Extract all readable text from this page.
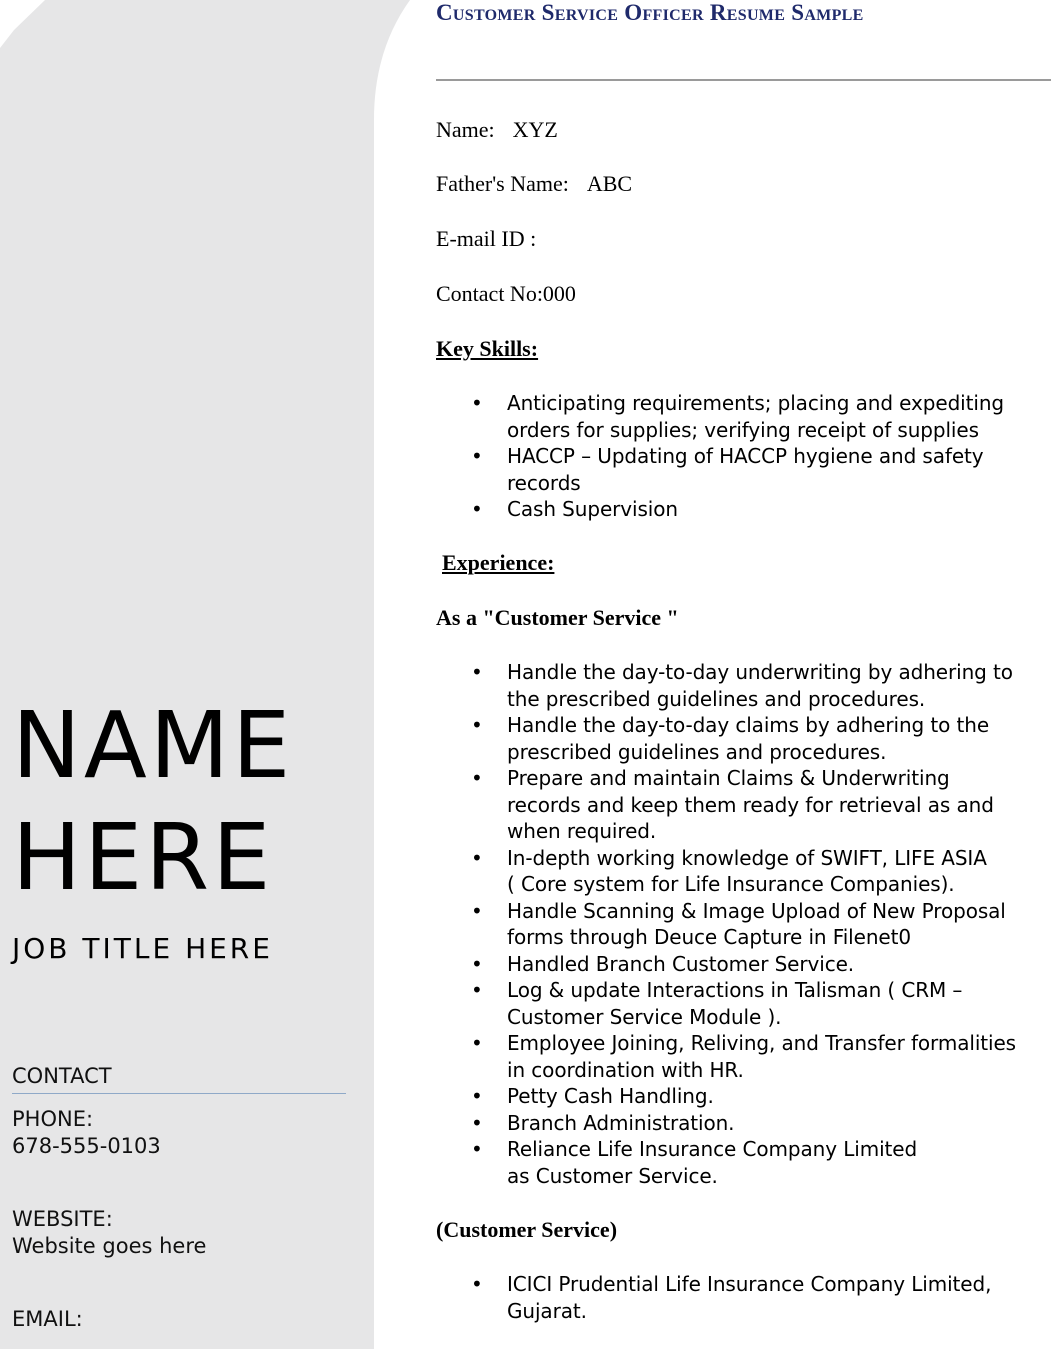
NAME
HERE
JOB TITLE HERE
CONTACT
PHONE:
678-555-0103
WEBSITE:
Website goes here
EMAIL:
Customer Service Officer Resume Sample
Name: XYZ
Father's Name: ABC
E-mail ID :
Contact No:000
Key Skills:
• Anticipating requirements; placing and expediting
orders for supplies; verifying receipt of supplies
• HACCP – Updating of HACCP hygiene and safety
records
• Cash Supervision
Experience:
As a "Customer Service "
• Handle the day-to-day underwriting by adhering to
the prescribed guidelines and procedures.
• Handle the day-to-day claims by adhering to the
prescribed guidelines and procedures.
• Prepare and maintain Claims & Underwriting
records and keep them ready for retrieval as and
when required.
• In-depth working knowledge of SWIFT, LIFE ASIA
( Core system for Life Insurance Companies).
• Handle Scanning & Image Upload of New Proposal
forms through Deuce Capture in Filenet0
• Handled Branch Customer Service.
• Log & update Interactions in Talisman ( CRM –
Customer Service Module ).
• Employee Joining, Reliving, and Transfer formalities
in coordination with HR.
• Petty Cash Handling.
• Branch Administration.
• Reliance Life Insurance Company Limited
as Customer Service.
(Customer Service)
• ICICI Prudential Life Insurance Company Limited,
Gujarat.
